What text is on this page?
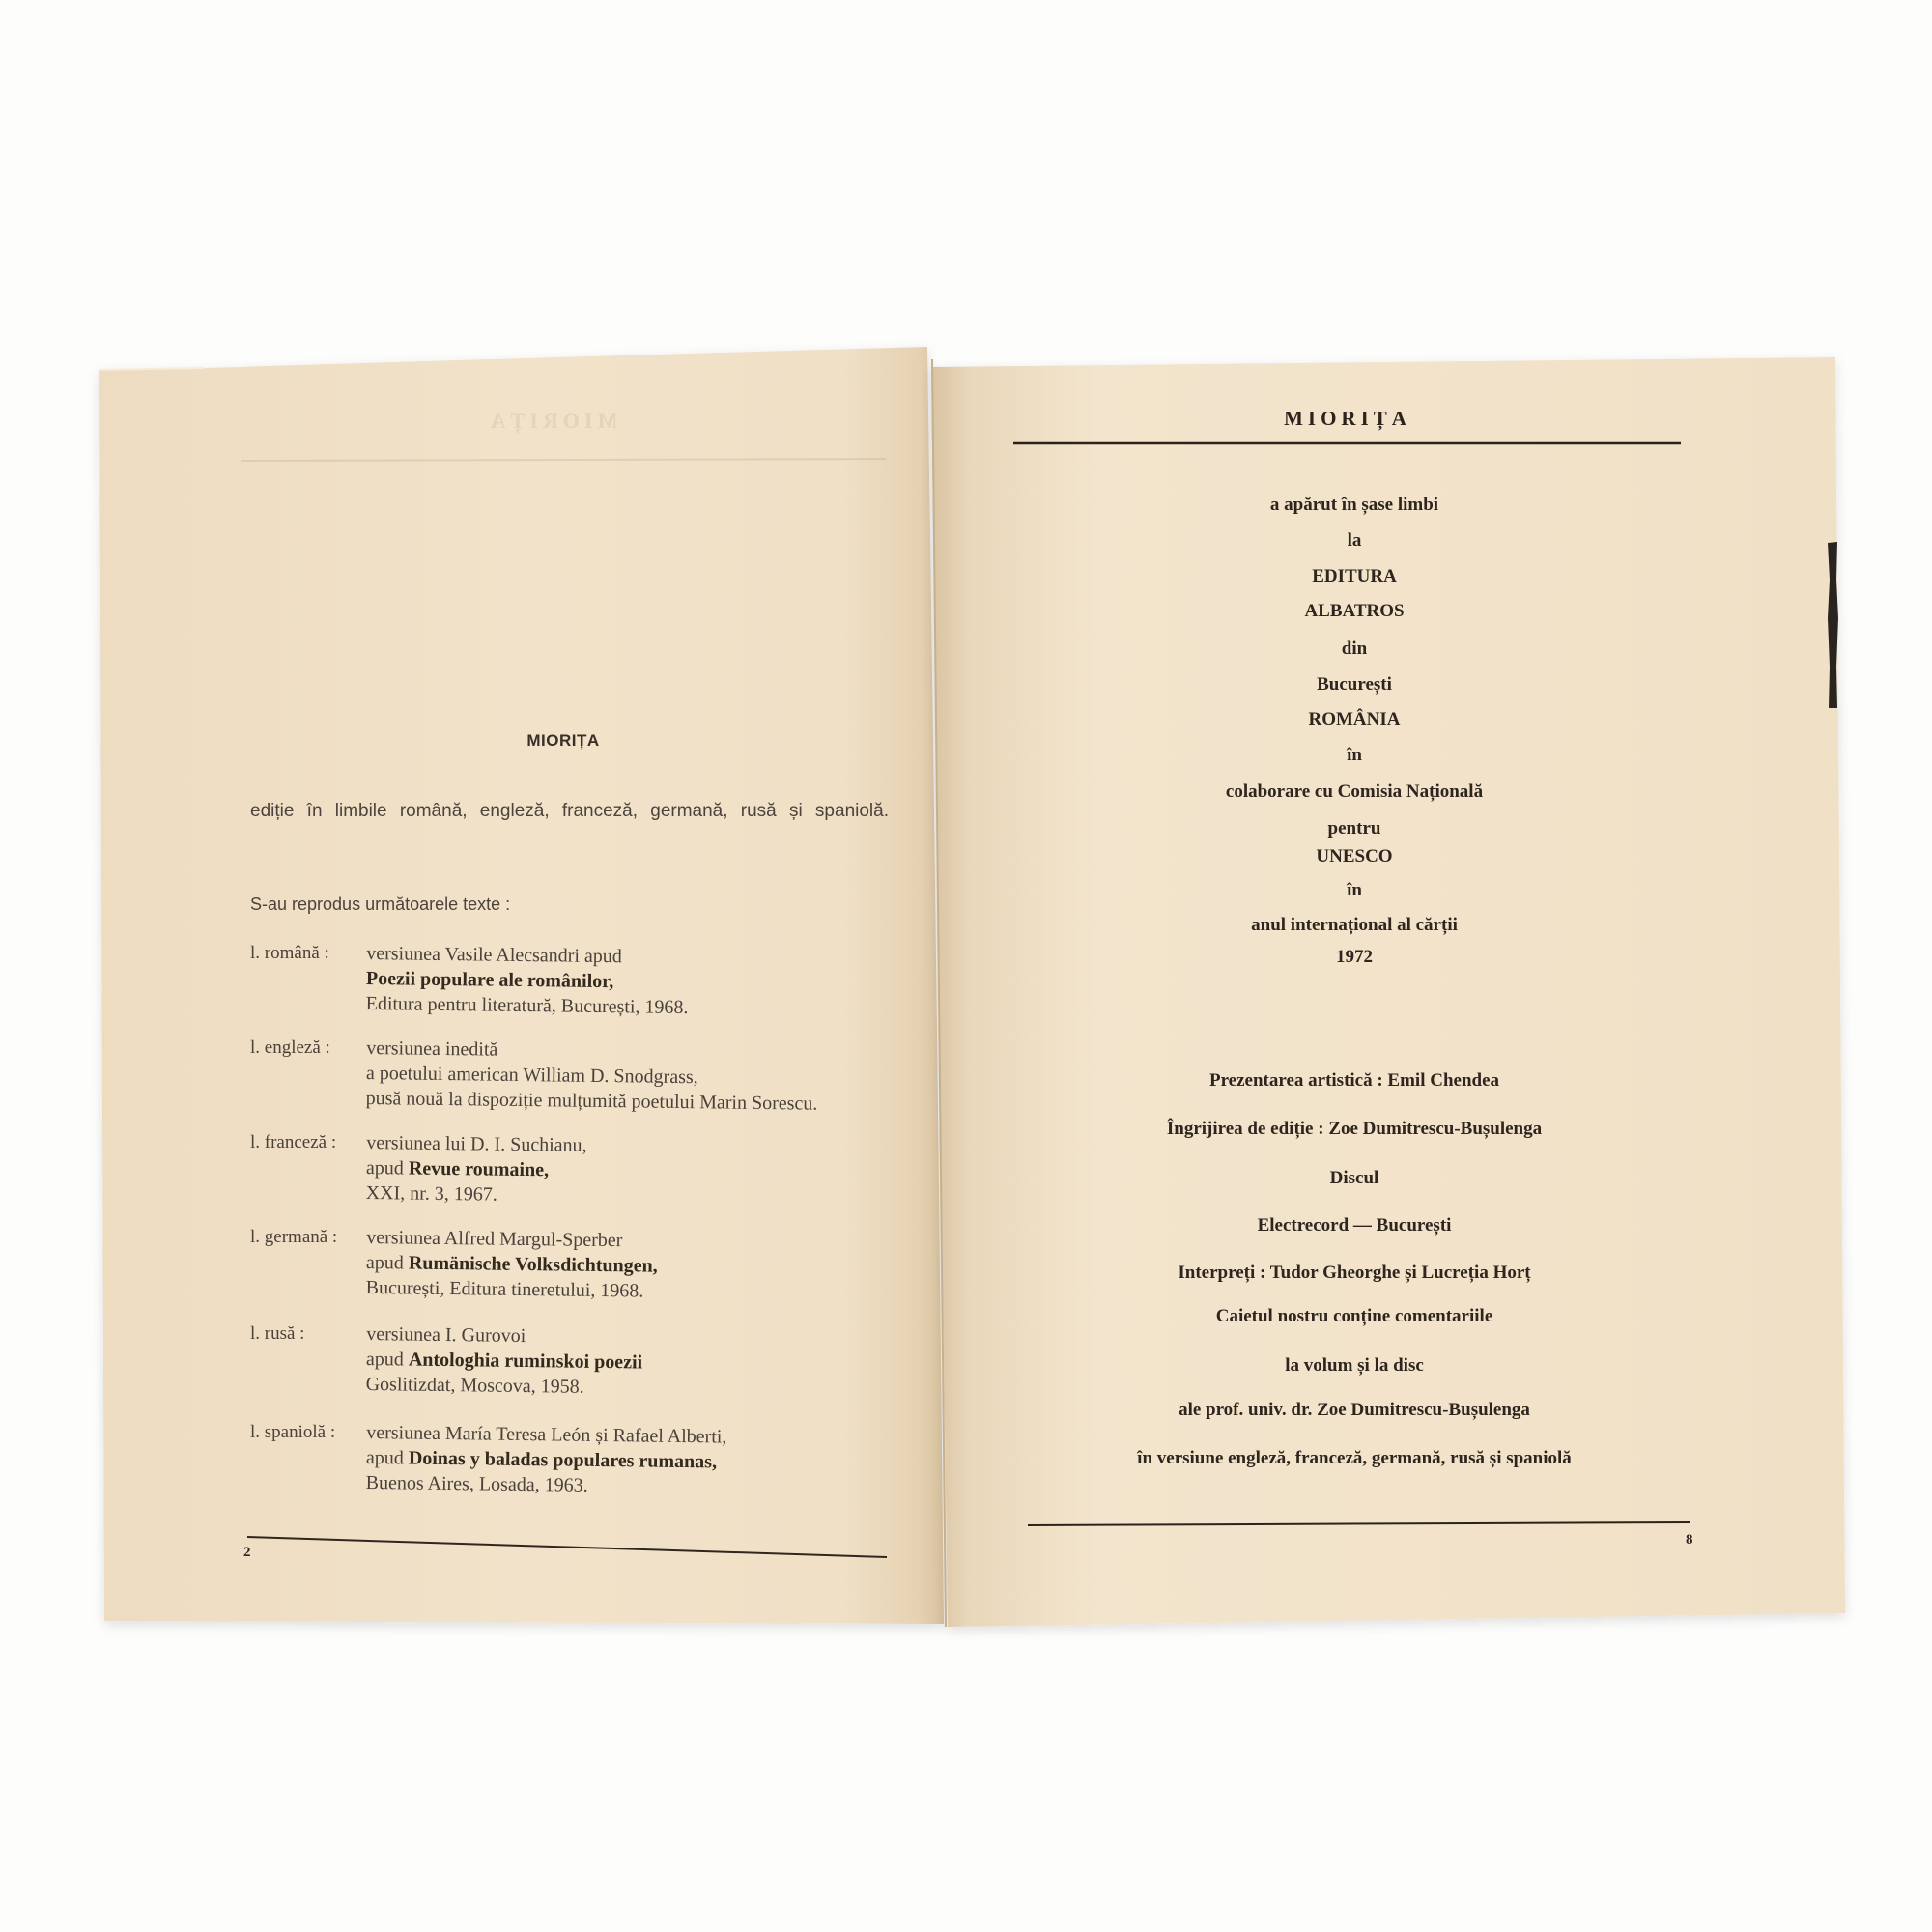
MIORIȚA
MIORIȚA
ediție în limbile română, engleză, franceză, germană, rusă și spaniolă.
S-au reprodus următoarele texte :
l. română : versiunea Vasile Alecsandri apud
Poezii populare ale românilor,
Editura pentru literatură, București, 1968.
l. engleză : versiunea inedită
a poetului american William D. Snodgrass,
pusă nouă la dispoziție mulțumită poetului Marin Sorescu.
l. franceză : versiunea lui D. I. Suchianu,
apud Revue roumaine,
XXI, nr. 3, 1967.
l. germană : versiunea Alfred Margul-Sperber
apud Rumänische Volksdichtungen,
București, Editura tineretului, 1968.
l. rusă :	versiunea I. Gurovoi
apud Antologhia ruminskoi poezii
Goslitizdat, Moscova, 1958.
l. spaniolă : versiunea María Teresa León și Rafael Alberti,
apud Doinas y baladas populares rumanas,
Buenos Aires, Losada, 1963.
2
MIORIȚA
a apărut în șase limbi
la
EDITURA
ALBATROS
din
București
ROMÂNIA
în
colaborare cu Comisia Națională
pentru
UNESCO
în
anul internațional al cărții
1972
Prezentarea artistică : Emil Chendea
Îngrijirea de ediție : Zoe Dumitrescu-Bușulenga
Discul
Electrecord — București
Interpreți : Tudor Gheorghe și Lucreția Horț
Caietul nostru conține comentariile
la volum și la disc
ale prof. univ. dr. Zoe Dumitrescu-Bușulenga
în versiune engleză, franceză, germană, rusă și spaniolă
8
